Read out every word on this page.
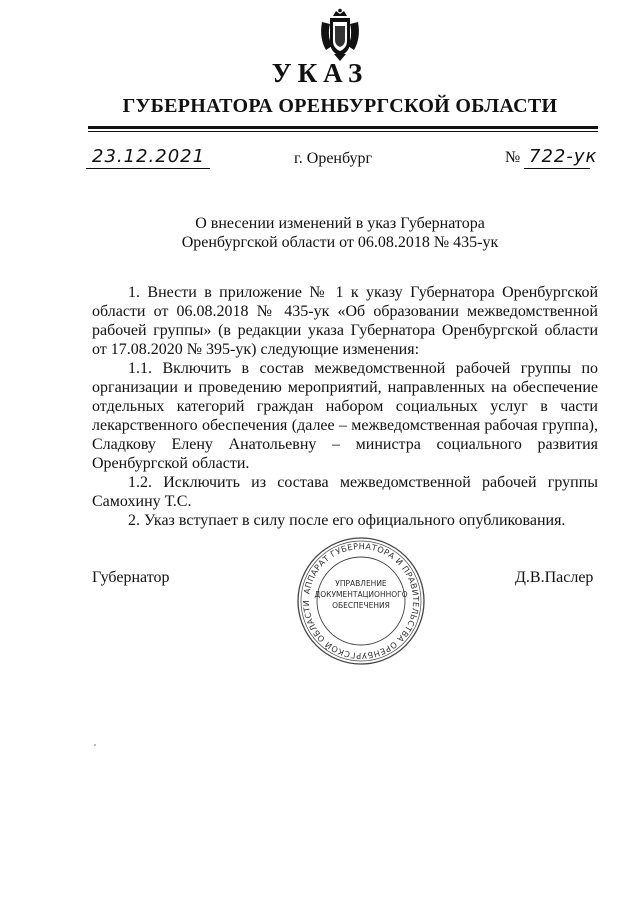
УКАЗ
ГУБЕРНАТОРА ОРЕНБУРГСКОЙ ОБЛАСТИ
23.12.2021	г. Оренбург	№ 722-ук
О внесении изменений в указ Губернатора
Оренбургской области от 06.08.2018 № 435-ук

1. Внести в приложение № 1 к указу Губернатора Оренбургской области от 06.08.2018 № 435-ук «Об образовании межведомственной рабочей группы» (в редакции указа Губернатора Оренбургской области от 17.08.2020 № 395-ук) следующие изменения:

1.1. Включить в состав межведомственной рабочей группы по организации и проведению мероприятий, направленных на обеспечение отдельных категорий граждан набором социальных услуг в части лекарственного обеспечения (далее – межведомственная рабочая группа), Сладкову Елену Анатольевну – министра социального развития Оренбургской области.

1.2. Исключить из состава межведомственной рабочей группы Самохину Т.С.

2. Указ вступает в силу после его официального опубликования.

Губернатор	Д.В.Паслер
АППАРАТ ГУБЕРНАТОРА И ПРАВИТЕЛЬСТВА ОРЕНБУРГСКОЙ ОБЛАСТИ
УПРАВЛЕНИЕ
ДОКУМЕНТАЦИОННОГО
ОБЕСПЕЧЕНИЯ
